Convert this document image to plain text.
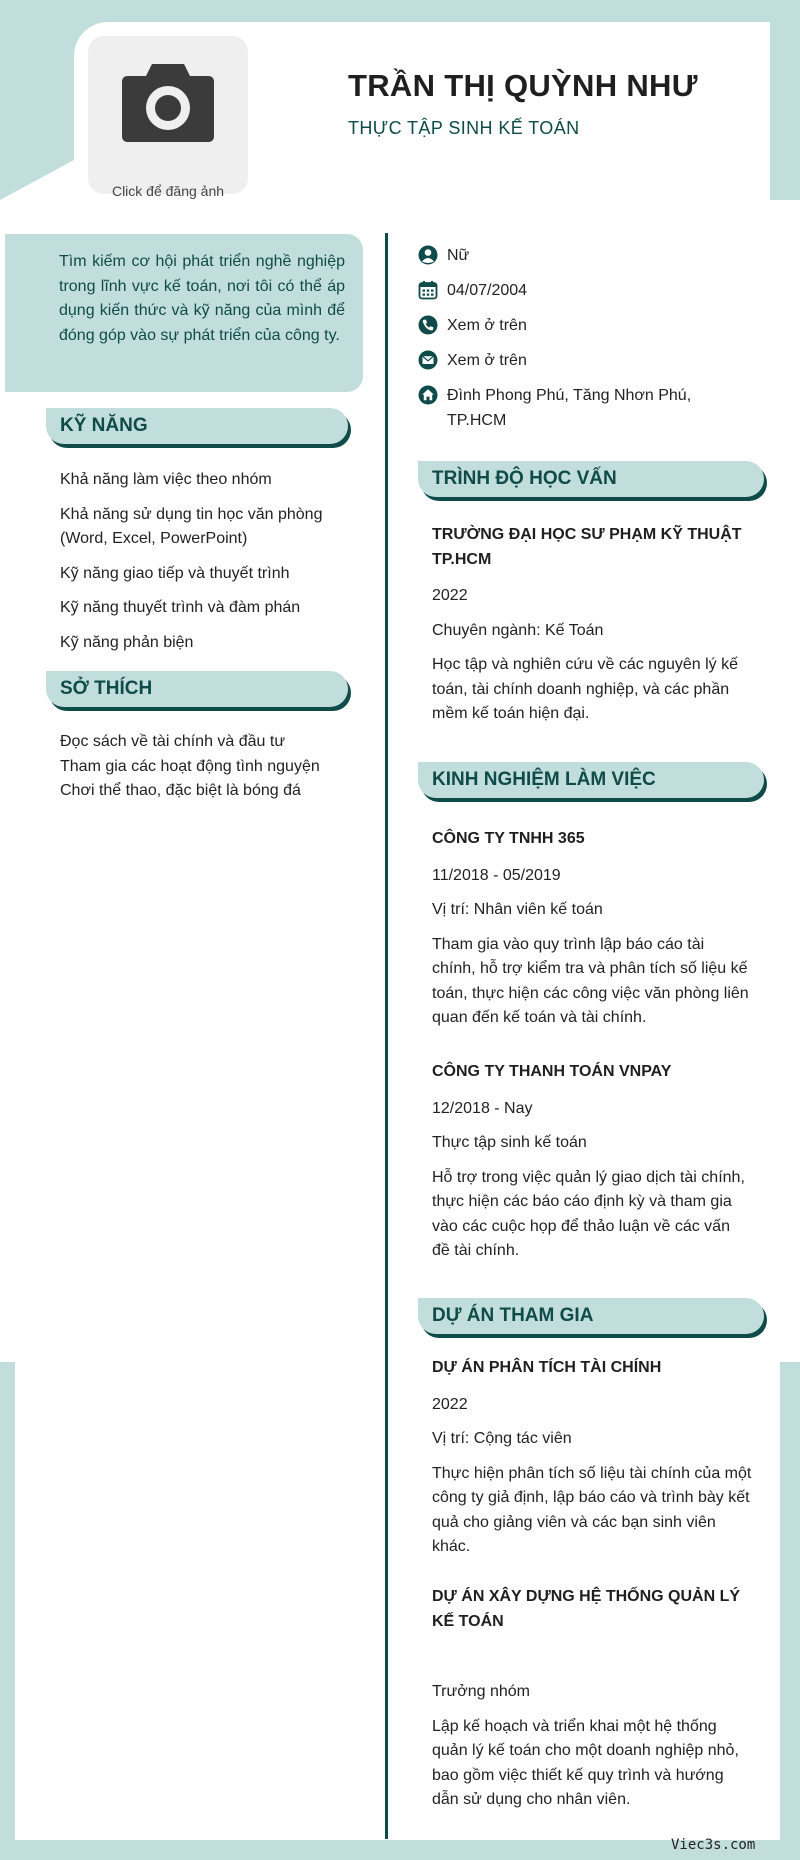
Click để đăng ảnh
TRẦN THỊ QUỲNH NHƯ
THỰC TẬP SINH KẾ TOÁN
Tìm kiếm cơ hội phát triển nghề nghiệp trong lĩnh vực kế toán, nơi tôi có thể áp dụng kiến thức và kỹ năng của mình để đóng góp vào sự phát triển của công ty.
KỸ NĂNG
Khả năng làm việc theo nhóm
Khả năng sử dụng tin học văn phòng (Word, Excel, PowerPoint)
Kỹ năng giao tiếp và thuyết trình
Kỹ năng thuyết trình và đàm phán
Kỹ năng phản biện
SỞ THÍCH
Đọc sách về tài chính và đầu tư
Tham gia các hoạt động tình nguyện
Chơi thể thao, đặc biệt là bóng đá
Nữ
04/07/2004
Xem ở trên
Xem ở trên
Đình Phong Phú, Tăng Nhơn Phú, TP.HCM
TRÌNH ĐỘ HỌC VẤN
TRƯỜNG ĐẠI HỌC SƯ PHẠM KỸ THUẬT TP.HCM
2022
Chuyên ngành: Kế Toán
Học tập và nghiên cứu về các nguyên lý kế toán, tài chính doanh nghiệp, và các phần mềm kế toán hiện đại.
KINH NGHIỆM LÀM VIỆC
CÔNG TY TNHH 365
11/2018 - 05/2019
Vị trí: Nhân viên kế toán
Tham gia vào quy trình lập báo cáo tài chính, hỗ trợ kiểm tra và phân tích số liệu kế toán, thực hiện các công việc văn phòng liên quan đến kế toán và tài chính.
CÔNG TY THANH TOÁN VNPAY
12/2018 - Nay
Thực tập sinh kế toán
Hỗ trợ trong việc quản lý giao dịch tài chính, thực hiện các báo cáo định kỳ và tham gia vào các cuộc họp để thảo luận về các vấn đề tài chính.
DỰ ÁN THAM GIA
DỰ ÁN PHÂN TÍCH TÀI CHÍNH
2022
Vị trí: Cộng tác viên
Thực hiện phân tích số liệu tài chính của một công ty giả định, lập báo cáo và trình bày kết quả cho giảng viên và các bạn sinh viên khác.
DỰ ÁN XÂY DỰNG HỆ THỐNG QUẢN LÝ KẾ TOÁN
Trưởng nhóm
Lập kế hoạch và triển khai một hệ thống quản lý kế toán cho một doanh nghiệp nhỏ, bao gồm việc thiết kế quy trình và hướng dẫn sử dụng cho nhân viên.
Viec3s.com
